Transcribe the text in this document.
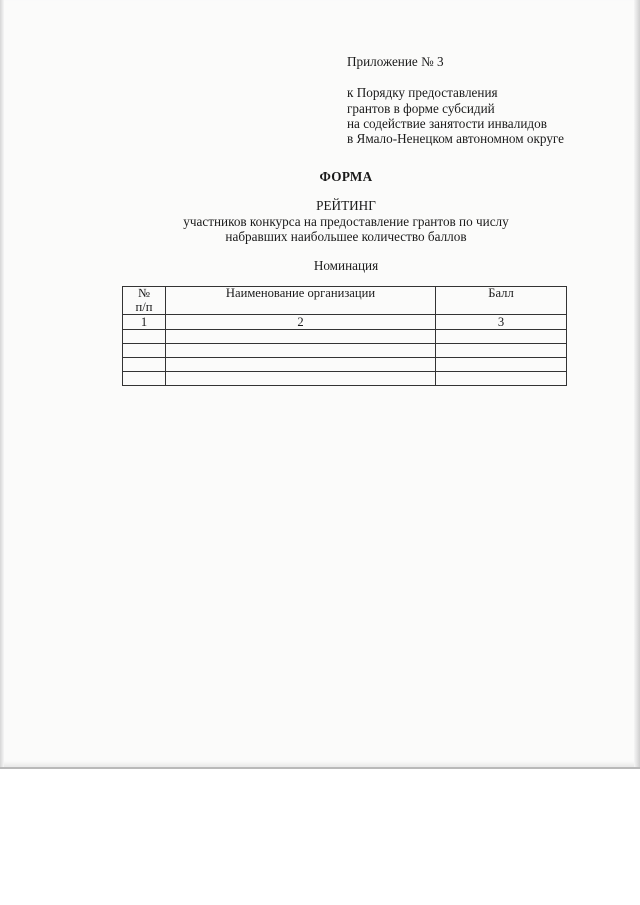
Приложение № 3
к Порядку предоставления
грантов в форме субсидий
на содействие занятости инвалидов
в Ямало-Ненецком автономном округе
ФОРМА
РЕЙТИНГ
участников конкурса на предоставление грантов по числу
набравших наибольшее количество баллов
Номинация
№
п/п	Наименование организации	Балл
1	2	3
